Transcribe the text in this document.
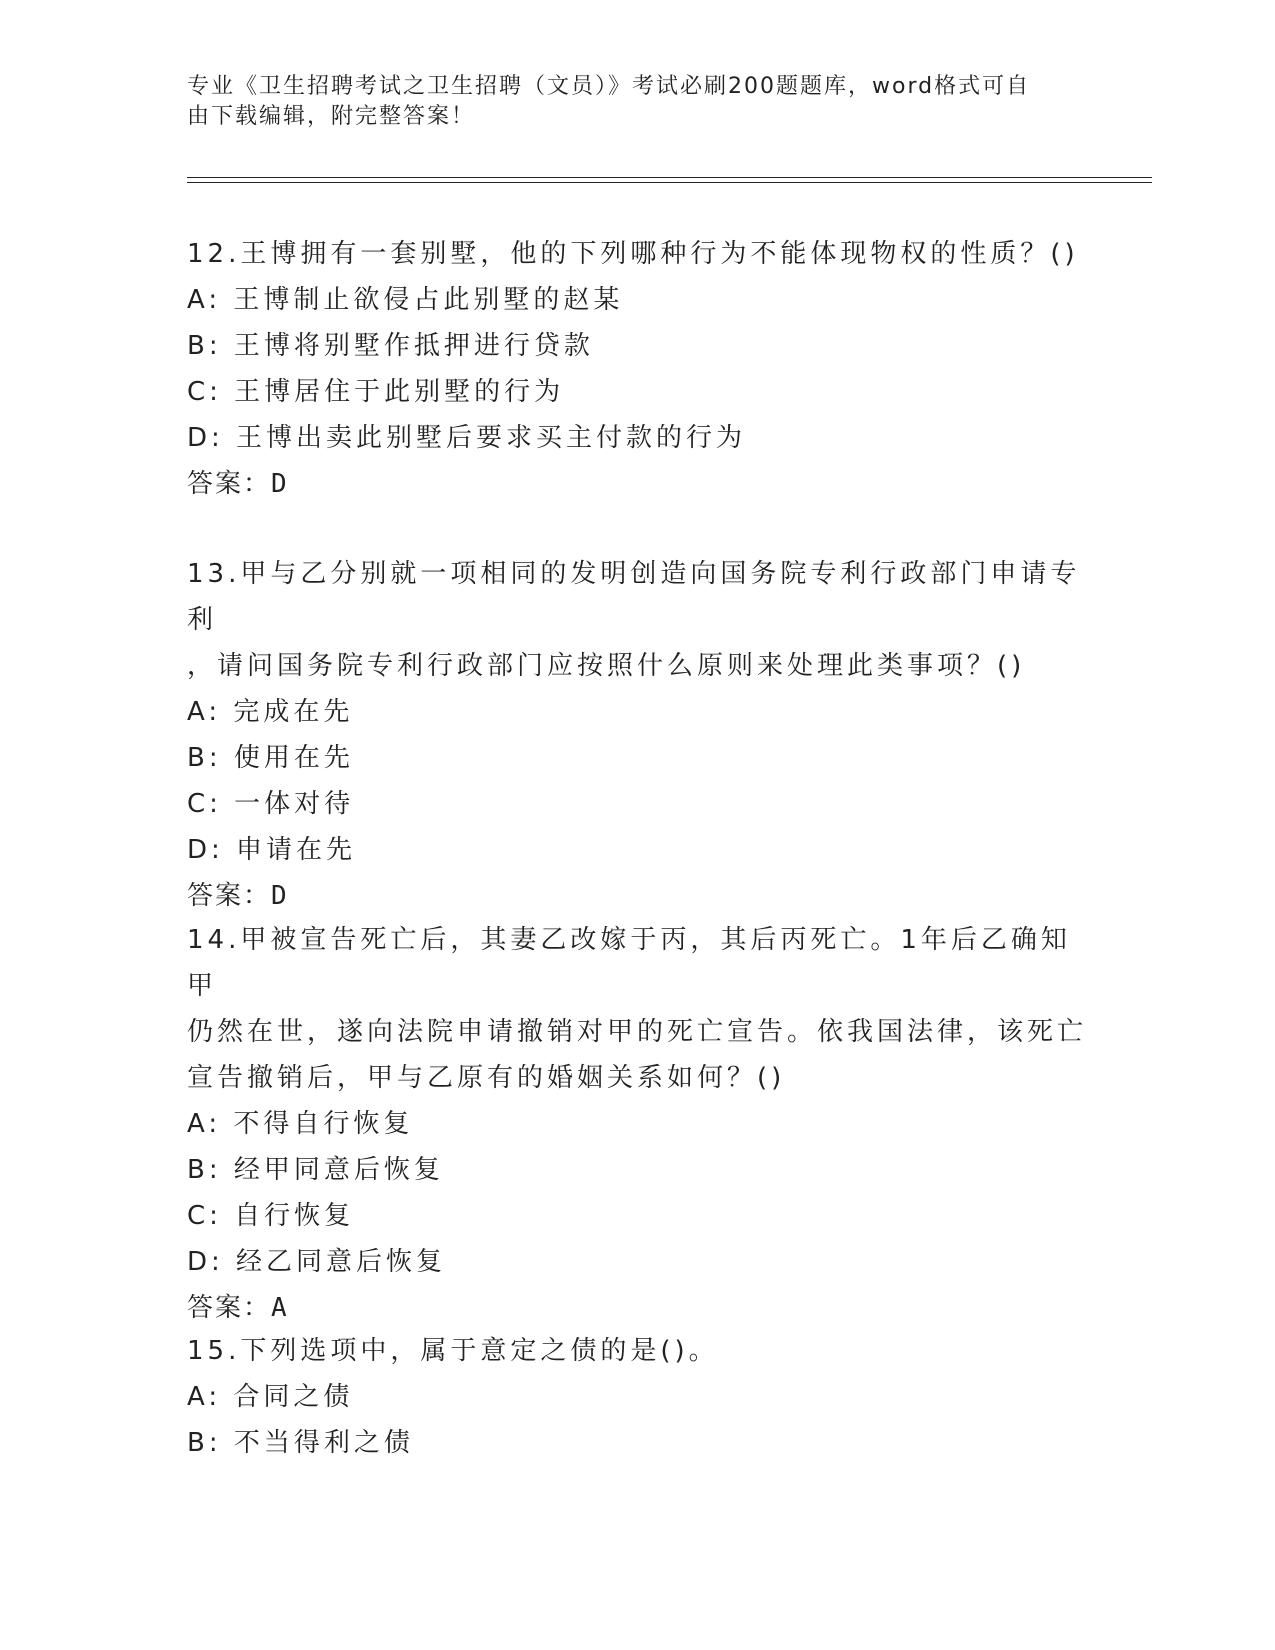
专业《卫生招聘考试之卫生招聘（文员）》考试必刷200题题库，word格式可自
由下载编辑，附完整答案！
12.王博拥有一套别墅，他的下列哪种行为不能体现物权的性质？()
A: 王博制止欲侵占此别墅的赵某
B: 王博将别墅作抵押进行贷款
C: 王博居住于此别墅的行为
D: 王博出卖此别墅后要求买主付款的行为
答案：D
13.甲与乙分别就一项相同的发明创造向国务院专利行政部门申请专利
，请问国务院专利行政部门应按照什么原则来处理此类事项？()
A: 完成在先
B: 使用在先
C: 一体对待
D: 申请在先
答案：D
14.甲被宣告死亡后，其妻乙改嫁于丙，其后丙死亡。1年后乙确知甲
仍然在世，遂向法院申请撤销对甲的死亡宣告。依我国法律，该死亡
宣告撤销后，甲与乙原有的婚姻关系如何？()
A: 不得自行恢复
B: 经甲同意后恢复
C: 自行恢复
D: 经乙同意后恢复
答案：A
15.下列选项中，属于意定之债的是()。
A: 合同之债
B: 不当得利之债
